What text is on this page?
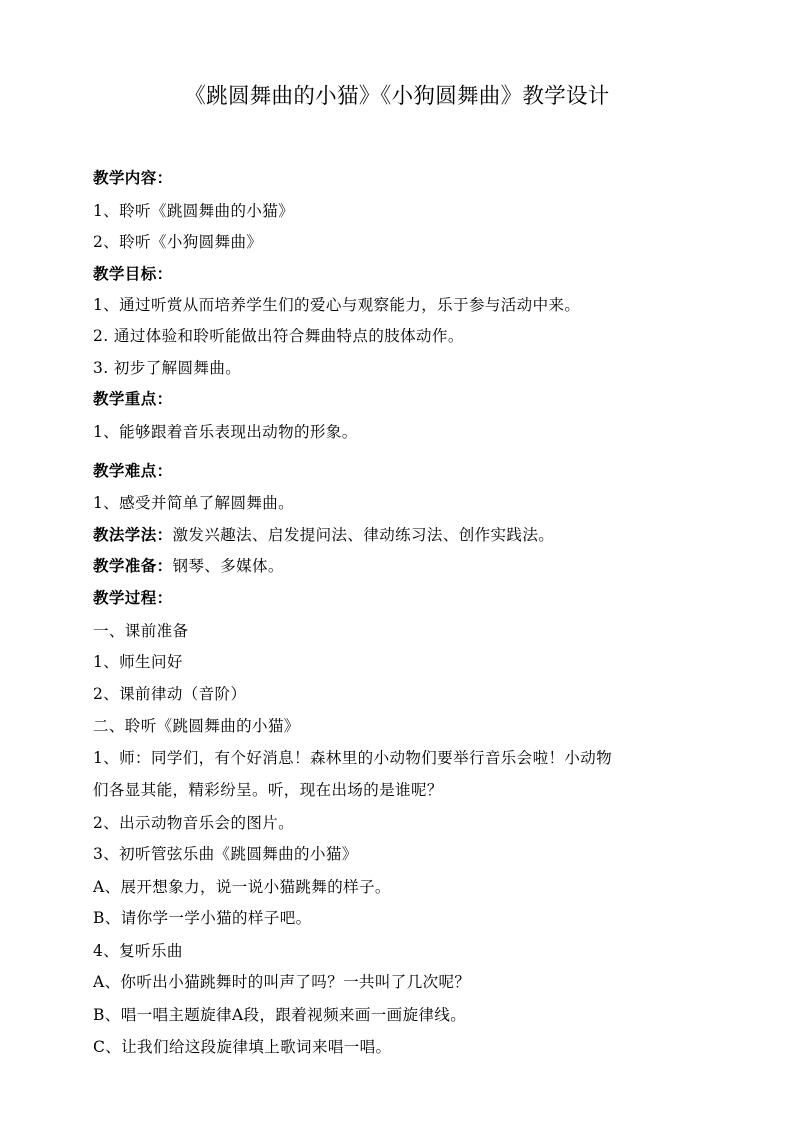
《跳圆舞曲的小猫》《小狗圆舞曲》教学设计
教学内容：
1、聆听《跳圆舞曲的小猫》
2、聆听《小狗圆舞曲》
教学目标：
1、通过听赏从而培养学生们的爱心与观察能力，乐于参与活动中来。
2. 通过体验和聆听能做出符合舞曲特点的肢体动作。
3. 初步了解圆舞曲。
教学重点：
1、能够跟着音乐表现出动物的形象。
教学难点：
1、感受并简单了解圆舞曲。
教法学法：激发兴趣法、启发提问法、律动练习法、创作实践法。
教学准备：钢琴、多媒体。
教学过程：
一、课前准备
1、师生问好
2、课前律动（音阶）
二、聆听《跳圆舞曲的小猫》
1、师：同学们，有个好消息！森林里的小动物们要举行音乐会啦！小动物
们各显其能，精彩纷呈。听，现在出场的是谁呢？
2、出示动物音乐会的图片。
3、初听管弦乐曲《跳圆舞曲的小猫》
A、展开想象力，说一说小猫跳舞的样子。
B、请你学一学小猫的样子吧。
4、复听乐曲
A、你听出小猫跳舞时的叫声了吗？一共叫了几次呢？
B、唱一唱主题旋律A段，跟着视频来画一画旋律线。
C、让我们给这段旋律填上歌词来唱一唱。
